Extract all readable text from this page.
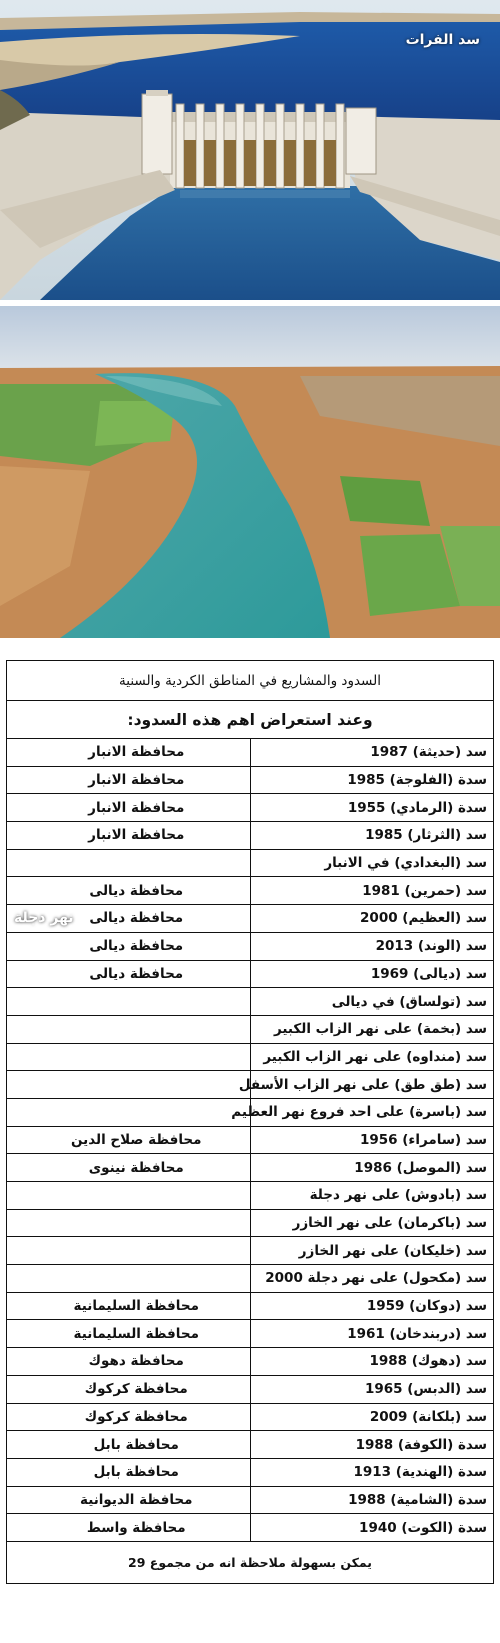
سد الفرات
نهر دجلة
السدود والمشاريع في المناطق الكردية والسنية	
وعند استعراض اهم هذه السدود:	
سد (حديثة) 1987	محافظة الانبار
سدة (الفلوجة) 1985	محافظة الانبار
سدة (الرمادي) 1955	محافظة الانبار
سد (الثرثار) 1985	محافظة الانبار
سد (البغدادي) في الانبار	
سد (حمرين) 1981	محافظة ديالى
سد (العظيم) 2000	محافظة ديالى
سد (الوند) 2013	محافظة ديالى
سد (ديالى) 1969	محافظة ديالى
سد (تولساق) في ديالى	
سد (بخمة) على نهر الزاب الكبير	
سد (منداوه) على نهر الزاب الكبير	
سد (طق طق) على نهر الزاب الأسفل	
سد (باسرة) على احد فروع نهر العظيم	
سد (سامراء) 1956	محافظة صلاح الدين
سد (الموصل) 1986	محافظة نينوى
سد (بادوش) على نهر دجلة	
سد (باكرمان) على نهر الخازر	
سد (خليكان) على نهر الخازر	
سد (مكحول) على نهر دجلة 2000	
سد (دوكان) 1959	محافظة السليمانية
سد (دربندخان) 1961	محافظة السليمانية
سد (دهوك) 1988	محافظة دهوك
سد (الدبس) 1965	محافظة كركوك
سد (بلكانة) 2009	محافظة كركوك
سدة (الكوفة) 1988	محافظة بابل
سدة (الهندية) 1913	محافظة بابل
سدة (الشامية) 1988	محافظة الديوانية
سدة (الكوت) 1940	محافظة واسط
يمكن بسهولة ملاحظة انه من مجموع 29	
